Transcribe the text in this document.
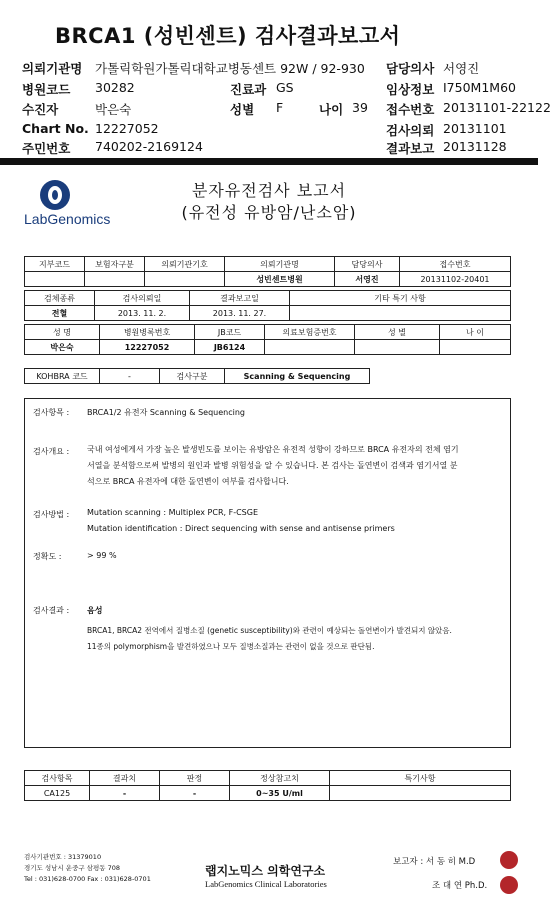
BRCA1 (성빈센트) 검사결과보고서
의뢰기관명 가톨릭학원가톨릭대학교병동센트 92W / 92-930 담당의사 서영진
병원코드 30282	진료과 GS	임상정보 I750M1M60
수진자	박은숙	성별 F	나이 39 접수번호 20131101-22122
Chart No. 12227052	검사의뢰 20131101
주민번호 740202-2169124	결과보고 20131128
LabGenomics
분자유전검사 보고서
(유전성 유방암/난소암)
지부코드	보험자구분	의뢰기관기호	의뢰기관명	담당의사	접수번호
			성빈센트병원	서영진	20131102-20401
검체종류	검사의뢰일	결과보고일	기타 특기 사항
전혈	2013. 11. 2.	2013. 11. 27.	
성 명	병원병록번호	JB코드	의료보험증번호	성 별	나 이
박은숙	12227052	JB6124			
KOHBRA 코드	-	검사구분	Scanning & Sequencing
검사항목 : BRCA1/2 유전자 Scanning & Sequencing
검사개요 : 국내 여성에게서 가장 높은 발생빈도를 보이는 유방암은 유전적 성향이 강하므로 BRCA 유전자의 전체 염기
서열을 분석함으로써 발병의 원인과 발병 위험성을 알 수 있습니다. 본 검사는 돌연변이 검색과 염기서열 분
석으로 BRCA 유전자에 대한 돌연변이 여부를 검사합니다.
검사방법 : Mutation scanning : Multiplex PCR, F-CSGE
Mutation identification : Direct sequencing with sense and antisense primers
정확도 :	> 99 %
검사결과 : 음성
BRCA1, BRCA2 전역에서 질병소질 (genetic susceptibility)와 관련이 예상되는 돌연변이가 발견되지 않았음.
11종의 polymorphism을 발견하였으나 모두 질병소질과는 관련이 없을 것으로 판단됨.
검사항목	결과치	판정	정상참고치	특기사항
CA125	-	-	0~35 U/ml	
검사기관번호 : 31379010
경기도 성남시 운중구 삼평동 708
Tel : 031)628-0700 Fax : 031)628-0701
랩지노믹스 의학연구소
LabGenomics Clinical Laboratories
보고자 : 서 동 히 M.D
조 대 연 Ph.D.
